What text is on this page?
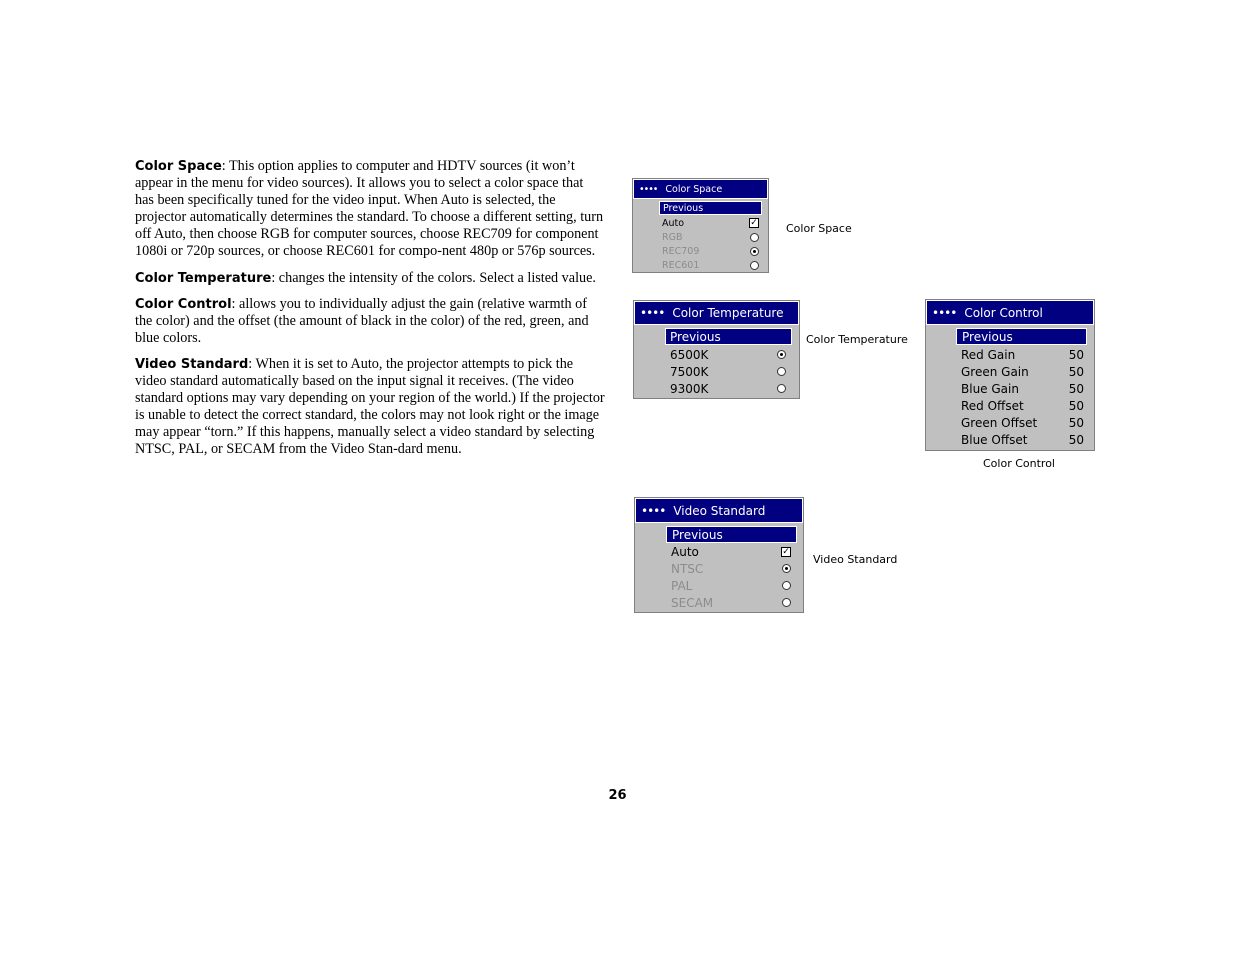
Color Space: This option applies to computer and HDTV sources (it won’t appear in the menu for video sources). It allows you to select a color space that has been specifically tuned for the video input. When Auto is selected, the projector automatically determines the standard. To choose a different setting, turn off Auto, then choose RGB for computer sources, choose REC709 for component 1080i or 720p sources, or choose REC601 for compo-nent 480p or 576p sources.

Color Temperature: changes the intensity of the colors. Select a listed value.

Color Control: allows you to individually adjust the gain (relative warmth of the color) and the offset (the amount of black in the color) of the red, green, and blue colors.

Video Standard: When it is set to Auto, the projector attempts to pick the video standard automatically based on the input signal it receives. (The video standard options may vary depending on your region of the world.) If the projector is unable to detect the correct standard, the colors may not look right or the image may appear “torn.” If this happens, manually select a video standard by selecting NTSC, PAL, or SECAM from the Video Stan-dard menu.

•••• Color Space
Previous
Auto	✓
RGB
REC709
REC601
Color Space
•••• Color Temperature
Previous
6500K
7500K
9300K
Color Temperature
•••• Color Control
Previous
Red Gain	50
Green Gain	50
Blue Gain	50
Red Offset	50
Green Offset	50
Blue Offset	50
Color Control
•••• Video Standard
Previous
Auto	✓
NTSC
PAL
SECAM
Video Standard
26
